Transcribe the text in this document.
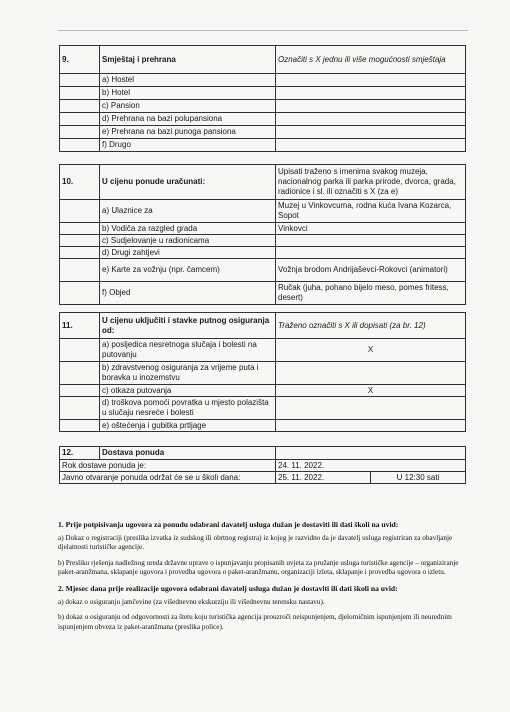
9.	Smještaj i prehrana	Označiti s X jednu ili više mogućnosti smještaja
	a) Hostel	
	b) Hotel	
	c) Pansion	
	d) Prehrana na bazi polupansiona	
	e) Prehrana na bazi punoga pansiona	
	f) Drugo	
10.	U cijenu ponude uračunati:	Upisati traženo s imenima svakog muzeja, nacionalnog parka ili parka prirode, dvorca, grada, radionice i sl. ili označiti s X (za e)
	a) Ulaznice za	Muzej u Vinkovcuma, rodna kuća Ivana Kozarca, Sopot
	b) Vodiča za razgled grada	Vinkovci
	c) Sudjelovanje u radionicama	
	d) Drugi zahtjevi	
	e) Karte za vožnju (npr. čamcem)	Vožnja brodom Andrijaševci-Rokovci (animatori)
	f) Objed	Ručak (juha, pohano bijelo meso, pomes fritess, desert)
11.	U cijenu uključiti i stavke putnog osiguranja od:	Traženo označiti s X ili dopisati (za br. 12)
	a) posljedica nesretnoga slučaja i bolesti na putovanju	X
	b) zdravstvenog osiguranja za vrijeme puta i boravka u inozemstvu	
	c) otkaza putovanja	X
	d) troškova pomoći povratka u mjesto polazišta u slučaju nesreće i bolesti	
	e) oštećenja i gubitka prtljage	
12.	Dostava ponuda		
Rok dostave ponuda je:		24. 11. 2022.	
Javno otvaranje ponuda održat će se u školi dana:		25. 11. 2022.	U 12:30 sati
1. Prije potpisivanja ugovora za ponudu odabrani davatelj usluga dužan je dostaviti ili dati školi na uvid:
a) Dokaz o registraciji (preslika izvatka iz sudskog ili obrtnog registra) iz kojeg je razvidno da je davatelj usluga registriran za obavljanje djelatnosti turističke agencije.
b) Presliku rješenja nadležnog ureda državne uprave o ispunjavanju propisanih uvjeta za pružanje usluga turističke agencije – organiziranje paket-aranžmana, sklapanje ugovora i provedba ugovora o paket-aranžmanu, organizaciji izleta, sklapanje i provedba ugovora o izletu.
2. Mjesec dana prije realizacije ugovora odabrani davatelj usluga dužan je dostaviti ili dati školi na uvid:
a) dokaz o osiguranju jamčevine (za višednevnu ekskurziju ili višednevnu terensku nastavu).
b) dokaz o osiguranju od odgovornosti za štetu koju turistička agencija prouzroči neispunjenjem, djelomičnim ispunjenjem ili neurednim ispunjenjem obveza iz paket-aranžmana (preslika police).
